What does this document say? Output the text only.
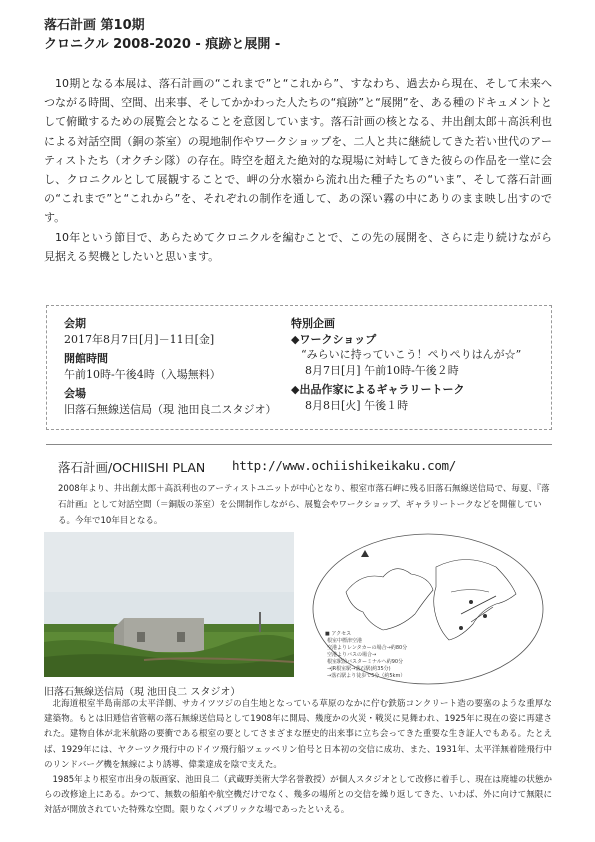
落石計画 第10期
クロニクル 2008-2020 ‐ 痕跡と展開 ‐

10期となる本展は、落石計画の“これまで”と“これから”、すなわち、過去から現在、そして未来へつながる時間、空間、出来事、そしてかかわった人たちの“痕跡”と“展開”を、ある種のドキュメントとして俯瞰するための展覧会となることを意図しています。落石計画の核となる、井出創太郎＋高浜利也による対話空間（銅の茶室）の現地制作やワークショップを、二人と共に継続してきた若い世代のアーティストたち（オクチシ隊）の存在。時空を超えた絶対的な現場に対峙してきた彼らの作品を一堂に会し、クロニクルとして展観することで、岬の分水嶺から流れ出た種子たちの“いま”、そして落石計画の“これまで”と“これから”を、それぞれの制作を通して、あの深い霧の中にありのまま映し出すのです。

10年という節目で、あらためてクロニクルを編むことで、この先の展開を、さらに走り続けながら見据える契機としたいと思います。

会期
2017年8月7日[月]－11日[金]
開館時間
午前10時-午後4時（入場無料）
会場
旧落石無線送信局（現 池田良二スタジオ）
特別企画
◆ワークショップ
“みらいに持っていこう！ぺりぺりはんが☆”
8月7日[月] 午前10時-午後２時
◆出品作家によるギャラリートーク
8月8日[火] 午後１時
落石計画/OCHIISHI PLAN http://www.ochiishikeikaku.com/
2008年より、井出創太郎＋高浜利也のアーティストユニットが中心となり、根室市落石岬に残る旧落石無線送信局で、毎夏、『落石計画』として対話空間（＝銅版の茶室）を公開制作しながら、展覧会やワークショップ、ギャラリートークなどを開催している。今年で10年目となる。
旧落石無線送信局（現 池田良二 スタジオ）
■ アクセス
根室中標津空港
空港よりレンタカーの場合→約80分
空港よりバスの場合→
根室駅前バスターミナルへ約90分
→JR根室駅→落石駅(約35分)
→落石駅より徒歩で5分（約5km）

北海道根室半島南部の太平洋側、サカイツツジの自生地となっている草原のなかに佇む鉄筋コンクリート造の要塞のような重厚な建築物。もとは旧逓信省管轄の落石無線送信局として1908年に開局、幾度かの火災・戦災に見舞われ、1925年に現在の姿に再建された。建物自体が北米航路の要衝である根室の要としてさまざまな歴史的出来事に立ち会ってきた重要な生き証人でもある。たとえば、1929年には、ヤクーツク飛行中のドイツ飛行船ツェッペリン伯号と日本初の交信に成功、また、1931年、太平洋無着陸飛行中のリンドバーグ機を無線により誘導、偉業達成を陰で支えた。

1985年より根室市出身の版画家、池田良二（武蔵野美術大学名誉教授）が個人スタジオとして改修に着手し、現在は廃墟の状態からの改修途上にある。かつて、無数の船舶や航空機だけでなく、幾多の場所との交信を繰り返してきた、いわば、外に向けて無限に対話が開放されていた特殊な空間。限りなくパブリックな場であったといえる。
